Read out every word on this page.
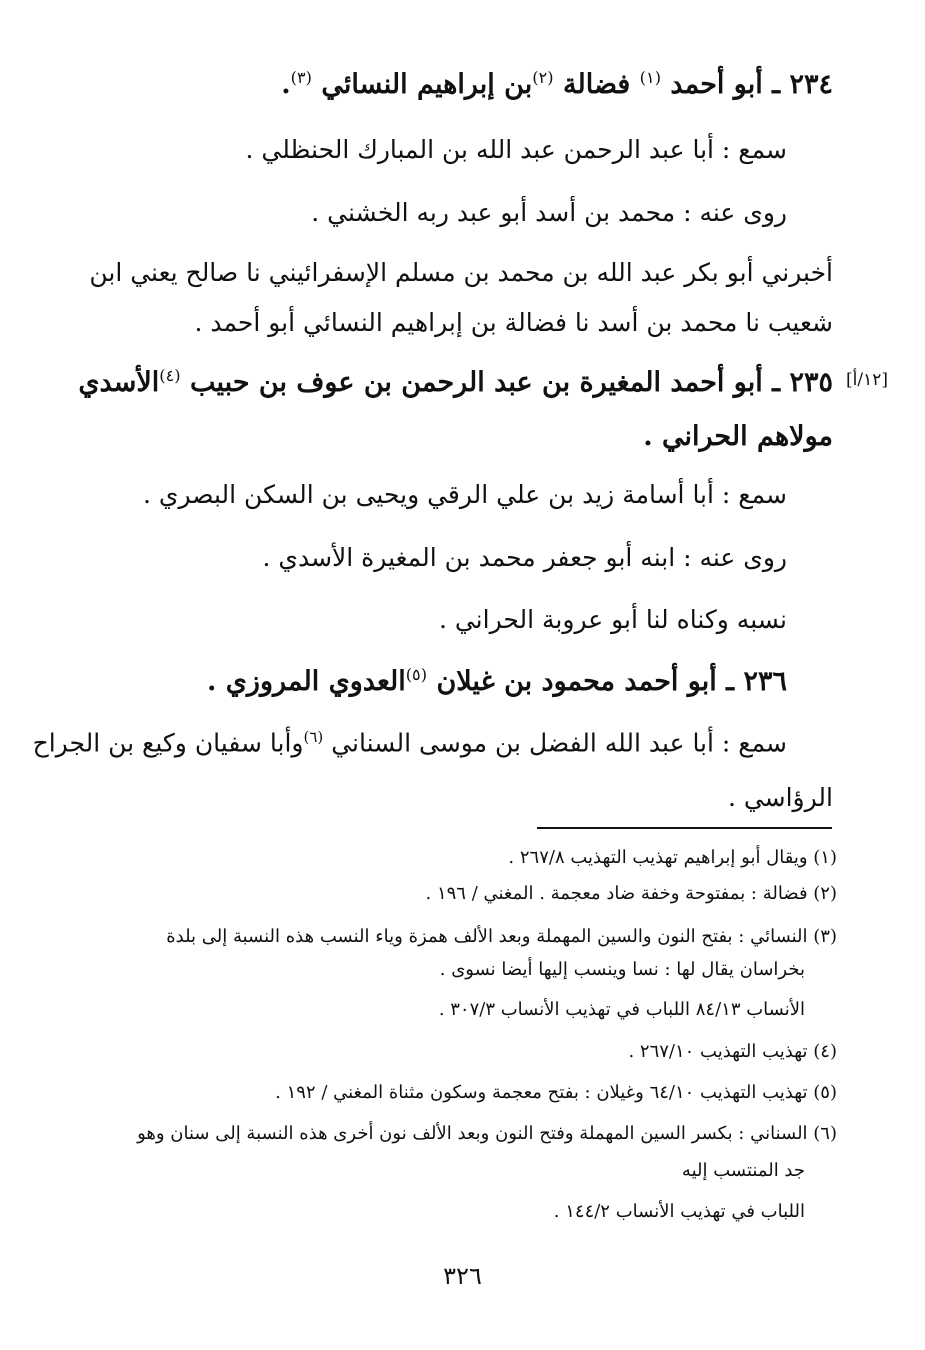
٢٣٤ ـ أبو أحمد $^{(١)}$ فضالة $^{(٢)}$بن إبراهيم النسائي $^{(٣)}$.

سمع : أبا عبد الرحمن عبد الله بن المبارك الحنظلي .

روى عنه : محمد بن أسد أبو عبد ربه الخشني .

أخبرني أبو بكر عبد الله بن محمد بن مسلم الإسفرائيني نا صالح يعني ابن

شعيب نا محمد بن أسد نا فضالة بن إبراهيم النسائي أبو أحمد .

[١٢/أ]

٢٣٥ ـ أبو أحمد المغيرة بن عبد الرحمن بن عوف بن حبيب $^{(٤)}$الأسدي

مولاهم الحراني .

سمع : أبا أسامة زيد بن علي الرقي ويحيى بن السكن البصري .

روى عنه : ابنه أبو جعفر محمد بن المغيرة الأسدي .

نسبه وكناه لنا أبو عروبة الحراني .

٢٣٦ ـ أبو أحمد محمود بن غيلان $^{(٥)}$العدوي المروزي .

سمع : أبا عبد الله الفضل بن موسى السناني $^{(٦)}$وأبا سفيان وكيع بن الجراح

الرؤاسي .

(١) ويقال أبو إبراهيم تهذيب التهذيب ٢٦٧/٨ .

(٢) فضالة : بمفتوحة وخفة ضاد معجمة . المغني / ١٩٦ .

(٣) النسائي : بفتح النون والسين المهملة وبعد الألف همزة وياء النسب هذه النسبة إلى بلدة

بخراسان يقال لها : نسا وينسب إليها أيضا نسوى .

الأنساب ٨٤/١٣ اللباب في تهذيب الأنساب ٣٠٧/٣ .

(٤) تهذيب التهذيب ٢٦٧/١٠ .

(٥) تهذيب التهذيب ٦٤/١٠ وغيلان : بفتح معجمة وسكون مثناة المغني / ١٩٢ .

(٦) السناني : بكسر السين المهملة وفتح النون وبعد الألف نون أخرى هذه النسبة إلى سنان وهو

جد المنتسب إليه

اللباب في تهذيب الأنساب ١٤٤/٢ .

٣٢٦
